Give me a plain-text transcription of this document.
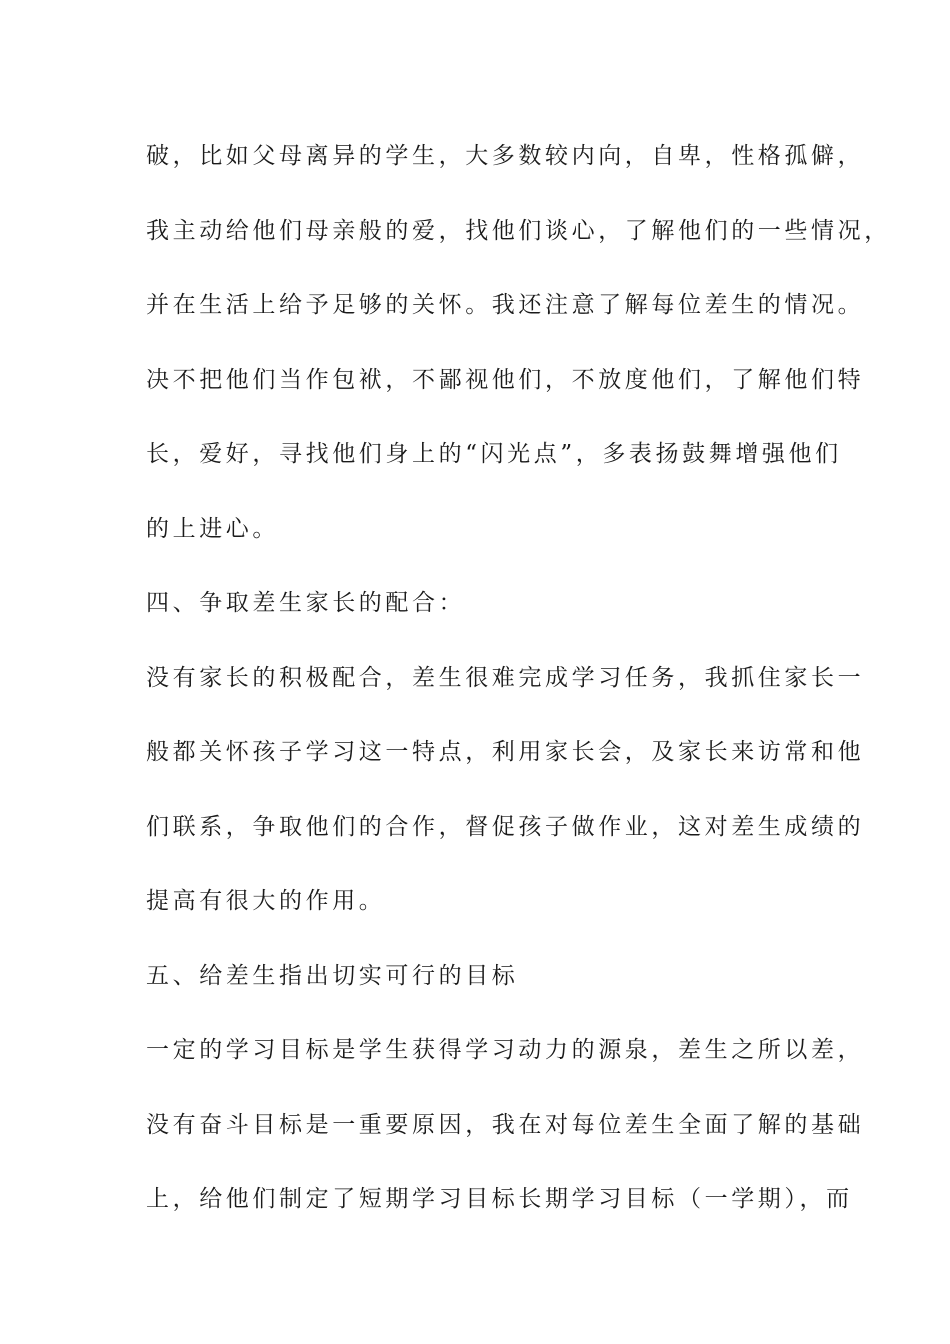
破，比如父母离异的学生，大多数较内向，自卑，性格孤僻，
我主动给他们母亲般的爱，找他们谈心，了解他们的一些情况，
并在生活上给予足够的关怀。我还注意了解每位差生的情况。
决不把他们当作包袱，不鄙视他们，不放度他们，了解他们特
长，爱好，寻找他们身上的“闪光点”，多表扬鼓舞增强他们
的上进心。
四、争取差生家长的配合：
没有家长的积极配合，差生很难完成学习任务，我抓住家长一
般都关怀孩子学习这一特点，利用家长会，及家长来访常和他
们联系，争取他们的合作，督促孩子做作业，这对差生成绩的
提高有很大的作用。
五、给差生指出切实可行的目标
一定的学习目标是学生获得学习动力的源泉，差生之所以差，
没有奋斗目标是一重要原因，我在对每位差生全面了解的基础
上，给他们制定了短期学习目标长期学习目标（一学期），而
